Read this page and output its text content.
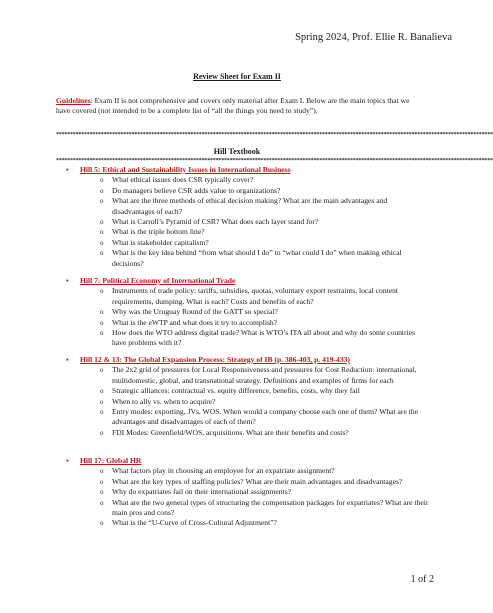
Spring 2024, Prof. Ellie R. Banalieva
Review Sheet for Exam II
Guidelines: Exam II is not comprehensive and covers only material after Exam I. Below are the main topics that we have covered (not intended to be a complete list of “all the things you need to study”).
************************************************************************************************************************************************************
Hill Textbook
************************************************************************************************************************************************************
▪ Hill 5: Ethical and Sustainability Issues in International Business
o What ethical issues does CSR typically cover?
o Do managers believe CSR adds value to organizations?
o What are the three methods of ethical decision making? What are the main advantages and disadvantages of each?
o What is Carroll’s Pyramid of CSR? What does each layer stand for?
o What is the triple bottom line?
o What is stakeholder capitalism?
o What is the key idea behind “from what should I do” to “what could I do” when making ethical decisions?
▪ Hill 7: Political Economy of International Trade
o Instruments of trade policy: tariffs, subsidies, quotas, voluntary export restraints, local content requirements, dumping. What is each? Costs and benefits of each?
o Why was the Uruguay Round of the GATT so special?
o What is the eWTP and what does it try to accomplish?
o How does the WTO address digital trade? What is WTO’s ITA all about and why do some countries have problems with it?
▪ Hill 12 & 13: The Global Expansion Process: Strategy of IB (p. 386-403, p. 419-433)
o The 2x2 grid of pressures for Local Responsiveness and pressures for Cost Reduction: international, multidomestic, global, and transnational strategy. Definitions and examples of firms for each
o Strategic alliances: contractual vs. equity difference, benefits, costs, why they fail
o When to ally vs. when to acquire?
o Entry modes: exporting, JVs, WOS. When would a company choose each one of them? What are the advantages and disadvantages of each of them?
o FDI Modes: Greenfield/WOS, acquisitions. What are their benefits and costs?
▪ Hill 17: Global HR
o What factors play in choosing an employee for an expatriate assignment?
o What are the key types of staffing policies? What are their main advantages and disadvantages?
o Why do expatriates fail on their international assignments?
o What are the two general types of structuring the compensation packages for expatriates? What are their main pros and cons?
o What is the “U-Curve of Cross-Cultural Adjustment”?
1 of 2
